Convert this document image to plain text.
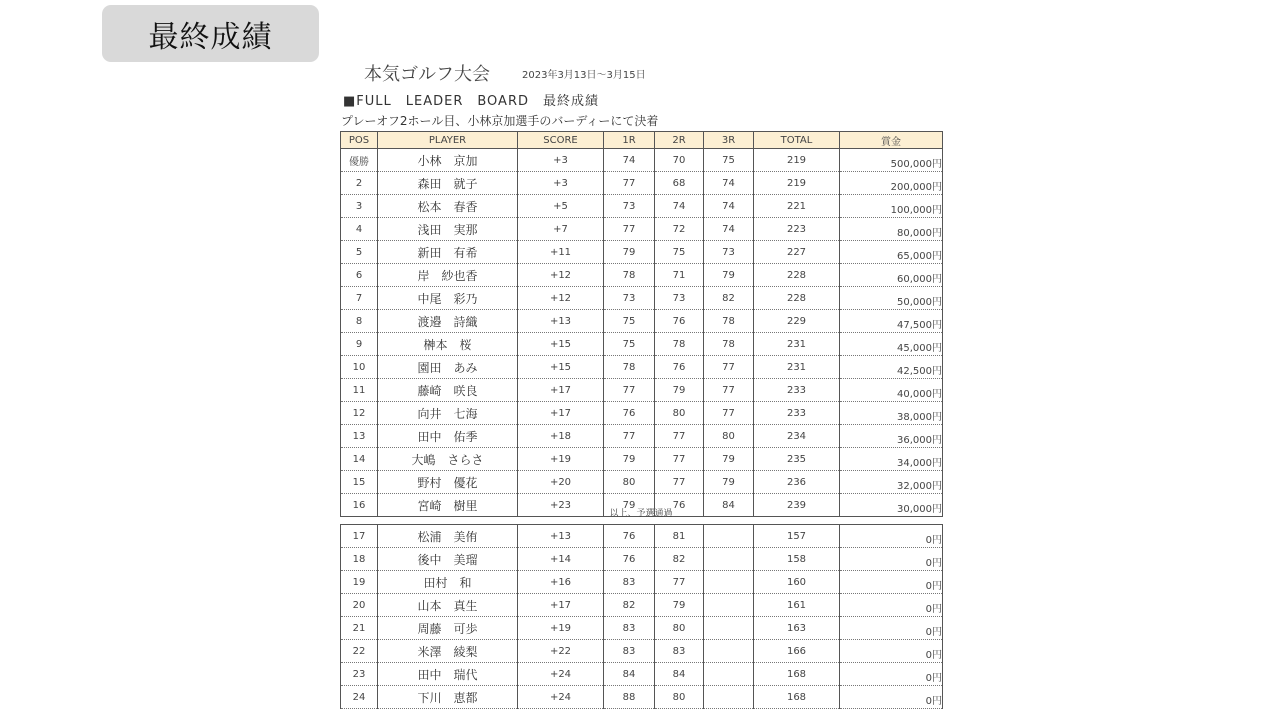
最終成績
本気ゴルフ大会	2023年3月13日～3月15日
■FULL　LEADER　BOARD　最終成績
プレーオフ2ホール目、小林京加選手のバーディーにて決着
POS	PLAYER	SCORE	1R	2R	3R	TOTAL	賞金
優勝	小林　京加	+3	74	70	75	219	500,000円
2	森田　就子	+3	77	68	74	219	200,000円
3	松本　春香	+5	73	74	74	221	100,000円
4	浅田　実那	+7	77	72	74	223	80,000円
5	新田　有希	+11	79	75	73	227	65,000円
6	岸　紗也香	+12	78	71	79	228	60,000円
7	中尾　彩乃	+12	73	73	82	228	50,000円
8	渡邉　詩織	+13	75	76	78	229	47,500円
9	榊本　桜	+15	75	78	78	231	45,000円
10	園田　あみ	+15	78	76	77	231	42,500円
11	藤崎　咲良	+17	77	79	77	233	40,000円
12	向井　七海	+17	76	80	77	233	38,000円
13	田中　佑季	+18	77	77	80	234	36,000円
14	大嶋　さらさ	+19	79	77	79	235	34,000円
15	野村　優花	+20	80	77	79	236	32,000円
16	宮崎　樹里	+23	79	76	84	239	30,000円
以上、予選通過
17	松浦　美侑	+13	76	81		157	0円
18	後中　美瑠	+14	76	82		158	0円
19	田村　和	+16	83	77		160	0円
20	山本　真生	+17	82	79		161	0円
21	周藤　可歩	+19	83	80		163	0円
22	米澤　綾梨	+22	83	83		166	0円
23	田中　瑞代	+24	84	84		168	0円
24	下川　恵都	+24	88	80		168	0円
